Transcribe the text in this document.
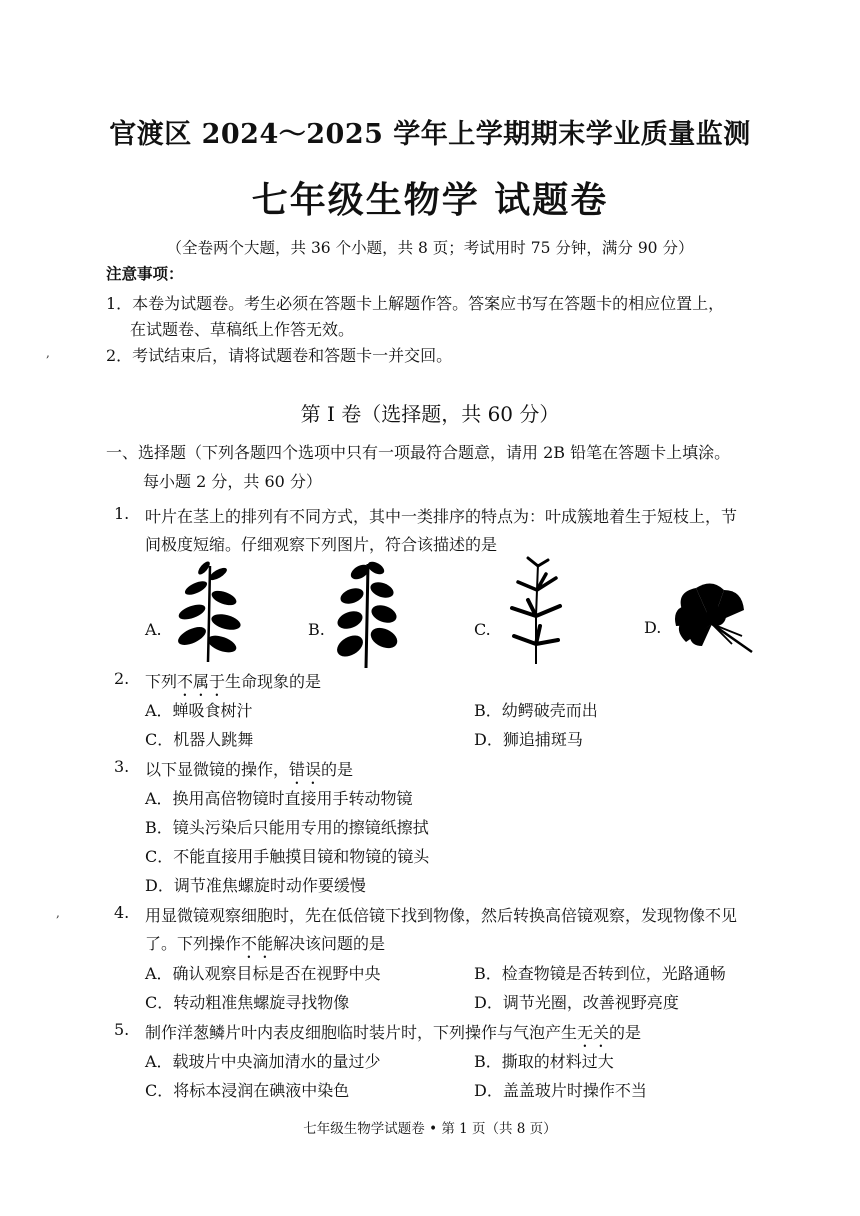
官渡区 2024～2025 学年上学期期末学业质量监测
七年级生物学 试题卷
（全卷两个大题，共 36 个小题，共 8 页；考试用时 75 分钟，满分 90 分）
注意事项：
1．本卷为试题卷。考生必须在答题卡上解题作答。答案应书写在答题卡的相应位置上，
在试题卷、草稿纸上作答无效。
2．考试结束后，请将试题卷和答题卡一并交回。
,
第 I 卷（选择题，共 60 分）
一、选择题（下列各题四个选项中只有一项最符合题意，请用 2B 铅笔在答题卡上填涂。
每小题 2 分，共 60 分）
1. 叶片在茎上的排列有不同方式，其中一类排序的特点为：叶成簇地着生于短枝上，节
间极度短缩。仔细观察下列图片，符合该描述的是
A.	B.	C.	D.
2. 下列不属于生命现象的是
A．蝉吸食树汁	B．幼鳄破壳而出
C．机器人跳舞	D．狮追捕斑马
3. 以下显微镜的操作，错误的是
A．换用高倍物镜时直接用手转动物镜
B．镜头污染后只能用专用的擦镜纸擦拭
C．不能直接用手触摸目镜和物镜的镜头
D．调节准焦螺旋时动作要缓慢
,	4. 用显微镜观察细胞时，先在低倍镜下找到物像，然后转换高倍镜观察，发现物像不见
了。下列操作不能解决该问题的是
A．确认观察目标是否在视野中央	B．检查物镜是否转到位，光路通畅
C．转动粗准焦螺旋寻找物像	D．调节光圈，改善视野亮度
5. 制作洋葱鳞片叶内表皮细胞临时装片时，下列操作与气泡产生无关的是
A．载玻片中央滴加清水的量过少	B．撕取的材料过大
C．将标本浸润在碘液中染色	D．盖盖玻片时操作不当
七年级生物学试题卷 • 第 1 页（共 8 页）
